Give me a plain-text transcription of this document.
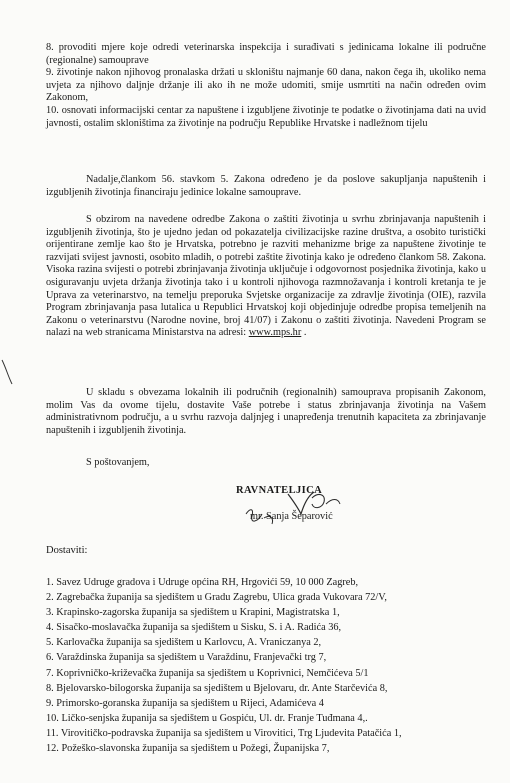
8. provoditi mjere koje odredi veterinarska inspekcija i surađivati s jedinicama lokalne ili područne (regionalne) samouprave

9. životinje nakon njihovog pronalaska držati u skloništu najmanje 60 dana, nakon čega ih, ukoliko nema uvjeta za njihovo daljnje držanje ili ako ih ne može udomiti, smije usmrtiti na način određen ovim Zakonom,

10. osnovati informacijski centar za napuštene i izgubljene životinje te podatke o životinjama dati na uvid javnosti, ostalim skloništima za životinje na području Republike Hrvatske i nadležnom tijelu

Nadalje,člankom 56. stavkom 5. Zakona određeno je da poslove sakupljanja napuštenih i izgubljenih životinja financiraju jedinice lokalne samouprave.

S obzirom na navedene odredbe Zakona o zaštiti životinja u svrhu zbrinjavanja napuštenih i izgubljenih životinja, što je ujedno jedan od pokazatelja civilizacijske razine društva, a osobito turistički orijentirane zemlje kao što je Hrvatska, potrebno je razviti mehanizme brige za napuštene životinje te razvijati svijest javnosti, osobito mladih, o potrebi zaštite životinja kako je određeno člankom 58. Zakona. Visoka razina svijesti o potrebi zbrinjavanja životinja uključuje i odgovornost posjednika životinja, kako u osiguravanju uvjeta držanja životinja tako i u kontroli njihovoga razmnožavanja i kontroli kretanja te je Uprava za veterinarstvo, na temelju preporuka Svjetske organizacije za zdravlje životinja (OIE), razvila Program zbrinjavanja pasa lutalica u Republici Hrvatskoj koji objedinjuje odredbe propisa temeljenih na Zakonu o veterinarstvu (Narodne novine, broj 41/07) i Zakonu o zaštiti životinja. Navedeni Program se nalazi na web stranicama Ministarstva na adresi: www.mps.hr .

U skladu s obvezama lokalnih ili područnih (regionalnih) samouprava propisanih Zakonom, molim Vas da ovome tijelu, dostavite Vaše potrebe i status zbrinjavanja životinja na Vašem administrativnom području, a u svrhu razvoja daljnjeg i unapređenja trenutnih kapaciteta za zbrinjavanje napuštenih i izgubljenih životinja.

S poštovanjem,
RAVNATELJICA
mr. Sanja Šeparović
Dostaviti:
1. Savez Udruge gradova i Udruge općina RH, Hrgovići 59, 10 000 Zagreb,
2. Zagrebačka županija sa sjedištem u Gradu Zagrebu, Ulica grada Vukovara 72/V,
3. Krapinsko-zagorska županija sa sjedištem u Krapini, Magistratska 1,
4. Sisačko-moslavačka županija sa sjedištem u Sisku, S. i A. Radića 36,
5. Karlovačka županija sa sjedištem u Karlovcu, A. Vraniczanya 2,
6. Varaždinska županija sa sjedištem u Varaždinu, Franjevački trg 7,
7. Koprivničko-križevačka županija sa sjedištem u Koprivnici, Nemčićeva 5/1
8. Bjelovarsko-bilogorska županija sa sjedištem u Bjelovaru, dr. Ante Starčevića 8,
9. Primorsko-goranska županija sa sjedištem u Rijeci, Adamićeva 4
10. Ličko-senjska županija sa sjedištem u Gospiću, Ul. dr. Franje Tuđmana 4,.
11. Virovitičko-podravska županija sa sjedištem u Virovitici, Trg Ljudevita Patačića 1,
12. Požeško-slavonska županija sa sjedištem u Požegi, Županijska 7,
